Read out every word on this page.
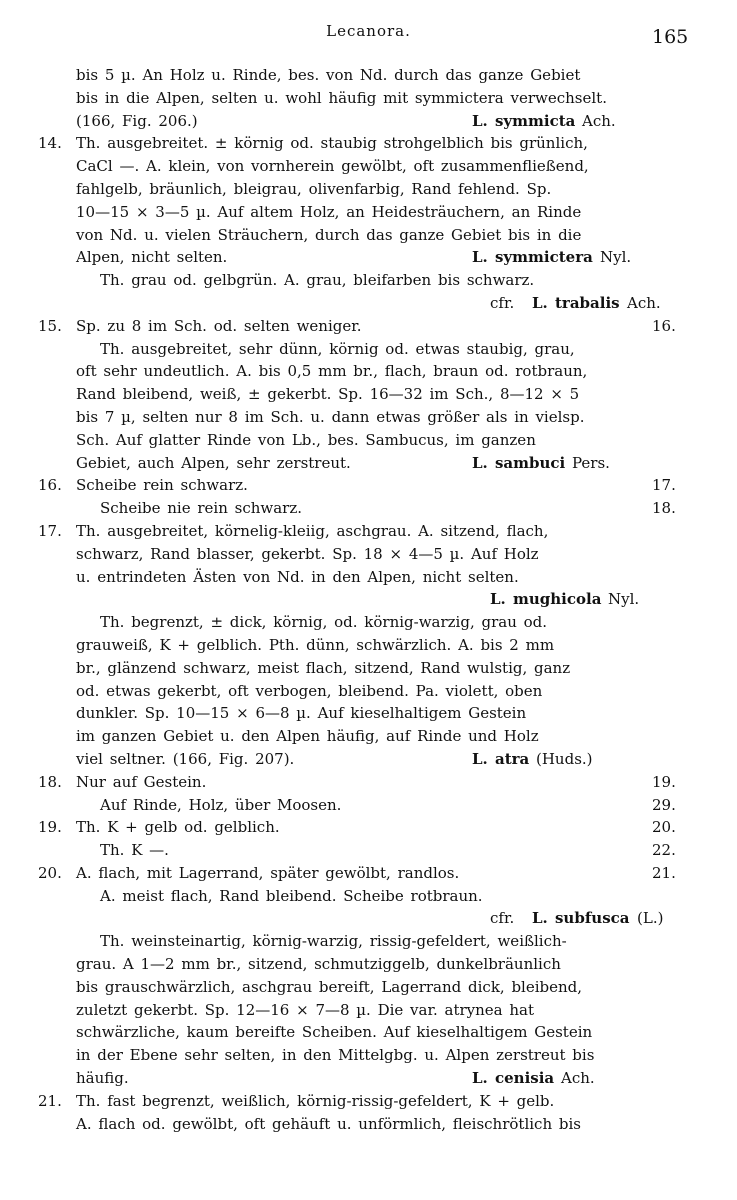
Lecanora.	165
bis 5 µ. An Holz u. Rinde, bes. von Nd. durch das ganze Gebiet
bis in die Alpen, selten u. wohl häufig mit symmictera verwechselt.
(166, Fig. 206.)	L. symmicta Ach.
14. Th. ausgebreitet. ± körnig od. staubig strohgelblich bis grünlich,
CaCl —. A. klein, von vornherein gewölbt, oft zusammenfließend,
fahlgelb, bräunlich, bleigrau, olivenfarbig, Rand fehlend. Sp.
10—15 × 3—5 µ. Auf altem Holz, an Heidesträuchern, an Rinde
von Nd. u. vielen Sträuchern, durch das ganze Gebiet bis in die
Alpen, nicht selten.	L. symmictera Nyl.
Th. grau od. gelbgrün. A. grau, bleifarben bis schwarz.
cfr. L. trabalis Ach.
15. Sp. zu 8 im Sch. od. selten weniger.	16.
Th. ausgebreitet, sehr dünn, körnig od. etwas staubig, grau,
oft sehr undeutlich. A. bis 0,5 mm br., flach, braun od. rotbraun,
Rand bleibend, weiß, ± gekerbt. Sp. 16—32 im Sch., 8—12 × 5
bis 7 µ, selten nur 8 im Sch. u. dann etwas größer als in vielsp.
Sch. Auf glatter Rinde von Lb., bes. Sambucus, im ganzen
Gebiet, auch Alpen, sehr zerstreut.	L. sambuci Pers.
16. Scheibe rein schwarz.	17.
Scheibe nie rein schwarz.	18.
17. Th. ausgebreitet, körnelig-kleiig, aschgrau. A. sitzend, flach,
schwarz, Rand blasser, gekerbt. Sp. 18 × 4—5 µ. Auf Holz
u. entrindeten Ästen von Nd. in den Alpen, nicht selten.
L. mughicola Nyl.
Th. begrenzt, ± dick, körnig, od. körnig-warzig, grau od.
grauweiß, K + gelblich. Pth. dünn, schwärzlich. A. bis 2 mm
br., glänzend schwarz, meist flach, sitzend, Rand wulstig, ganz
od. etwas gekerbt, oft verbogen, bleibend. Pa. violett, oben
dunkler. Sp. 10—15 × 6—8 µ. Auf kieselhaltigem Gestein
im ganzen Gebiet u. den Alpen häufig, auf Rinde und Holz
viel seltner. (166, Fig. 207).	L. atra (Huds.)
18. Nur auf Gestein.	19.
Auf Rinde, Holz, über Moosen.	29.
19. Th. K + gelb od. gelblich.	20.
Th. K —.	22.
20. A. flach, mit Lagerrand, später gewölbt, randlos.	21.
A. meist flach, Rand bleibend. Scheibe rotbraun.
cfr. L. subfusca (L.)
Th. weinsteinartig, körnig-warzig, rissig-gefeldert, weißlich-
grau. A 1—2 mm br., sitzend, schmutziggelb, dunkelbräunlich
bis grauschwärzlich, aschgrau bereift, Lagerrand dick, bleibend,
zuletzt gekerbt. Sp. 12—16 × 7—8 µ. Die var. atrynea hat
schwärzliche, kaum bereifte Scheiben. Auf kieselhaltigem Gestein
in der Ebene sehr selten, in den Mittelgbg. u. Alpen zerstreut bis
häufig.	L. cenisia Ach.
21. Th. fast begrenzt, weißlich, körnig-rissig-gefeldert, K + gelb.
A. flach od. gewölbt, oft gehäuft u. unförmlich, fleischrötlich bis
